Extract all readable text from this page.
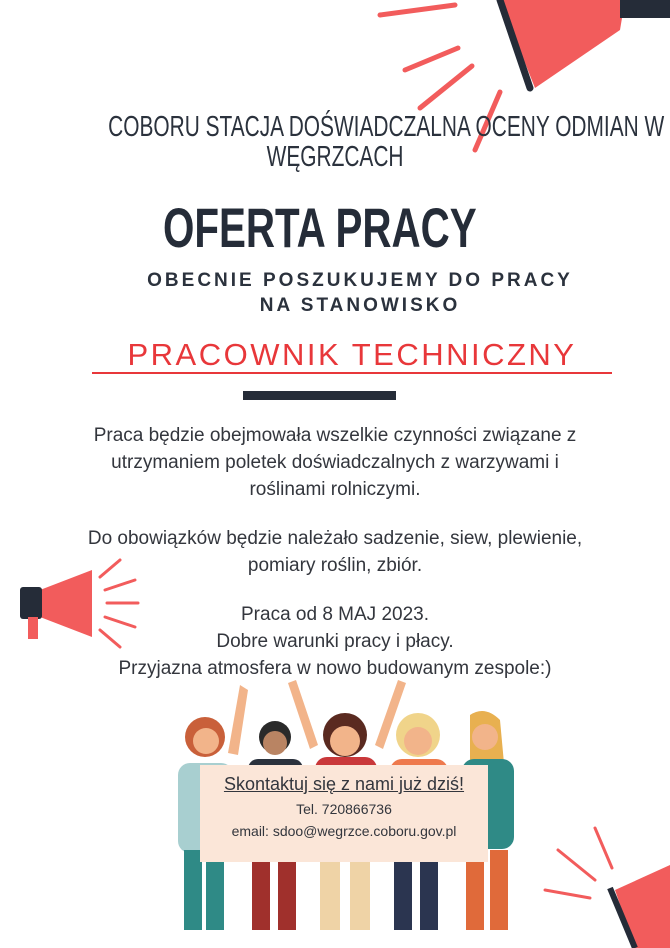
COBORU STACJA DOŚWIADCZALNA OCENY ODMIAN W
WĘGRZCACH
OFERTA PRACY
OBECNIE POSZUKUJEMY DO PRACY
NA STANOWISKO
PRACOWNIK TECHNICZNY
Praca będzie obejmowała wszelkie czynności związane z
utrzymaniem poletek doświadczalnych z warzywami i
roślinami rolniczymi.
Do obowiązków będzie należało sadzenie, siew, plewienie,
pomiary roślin, zbiór.
Praca od 8 MAJ 2023.
Dobre warunki pracy i płacy.
Przyjazna atmosfera w nowo budowanym zespole:)
Skontaktuj się z nami już dziś!
Tel. 720866736
email: sdoo@wegrzce.coboru.gov.pl
